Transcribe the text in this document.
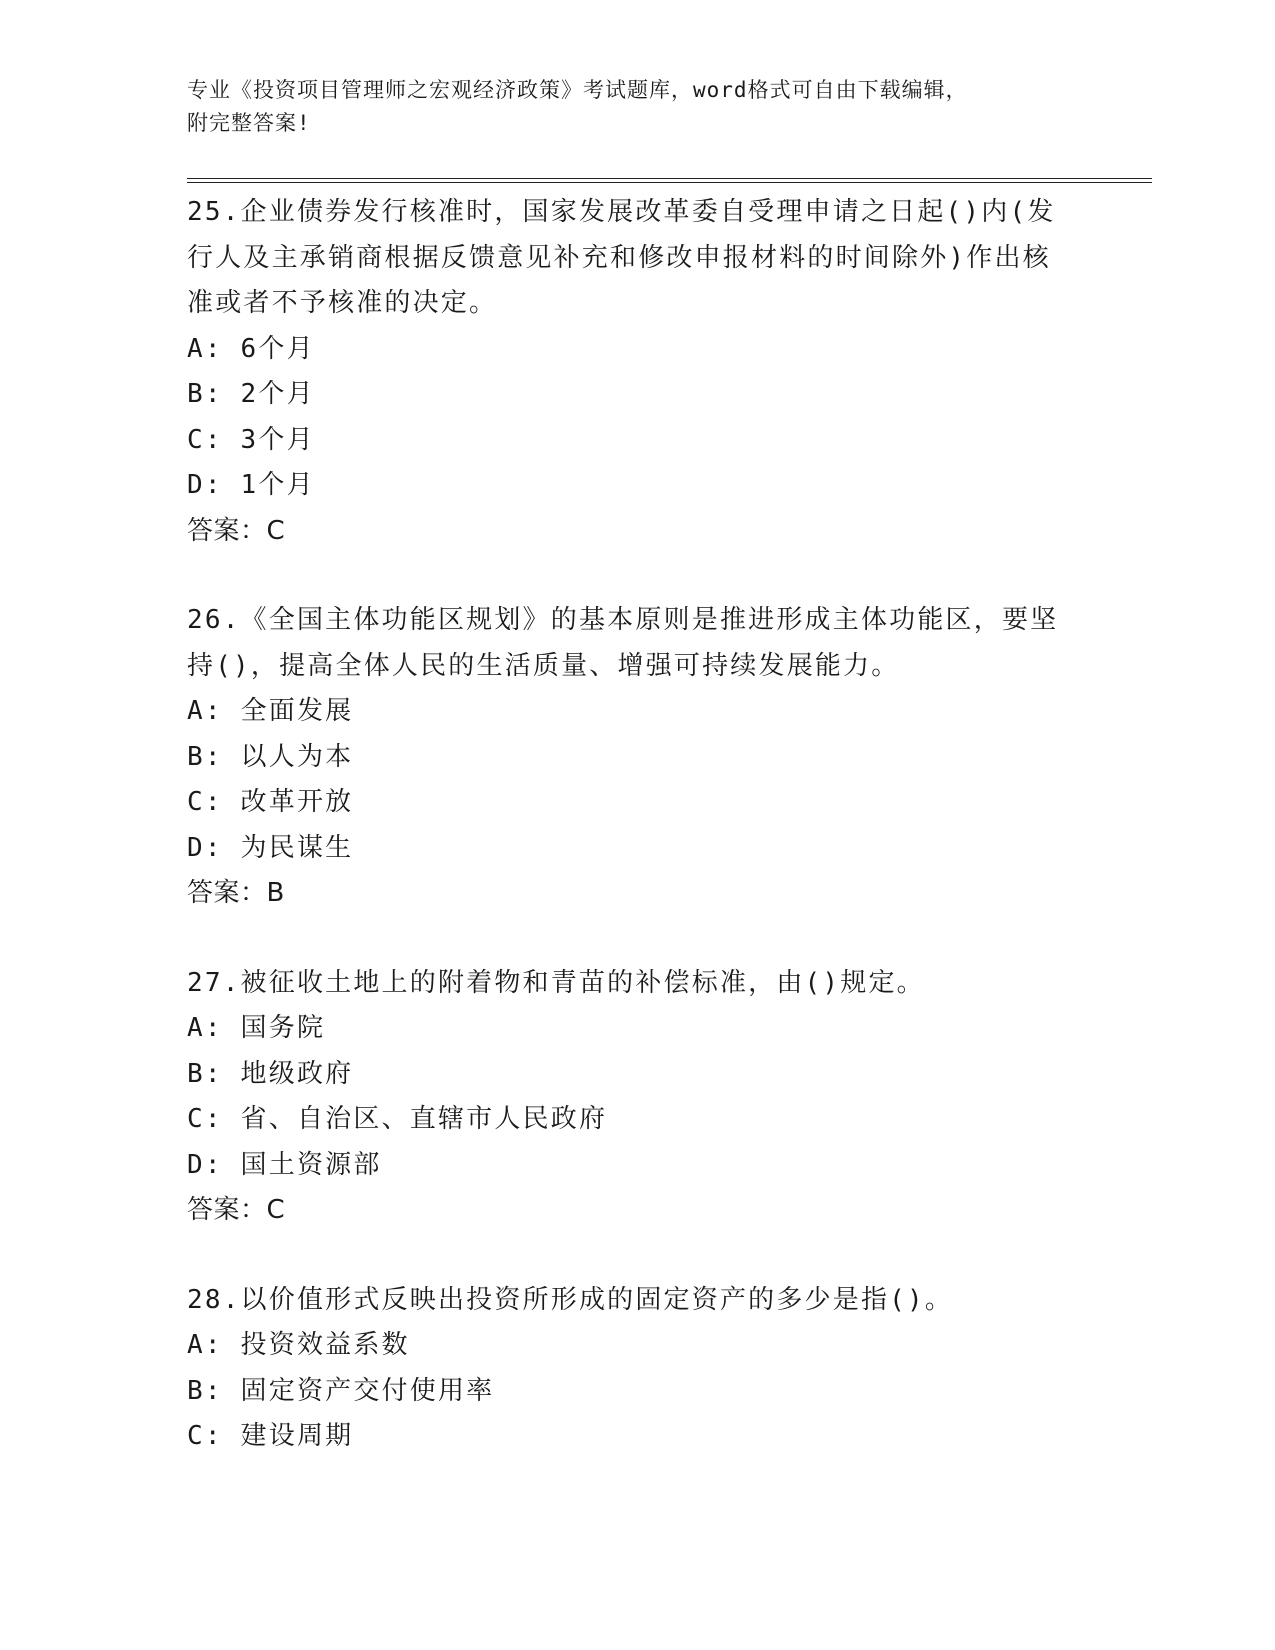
专业《投资项目管理师之宏观经济政策》考试题库，word格式可自由下载编辑，
附完整答案!
25.企业债券发行核准时，国家发展改革委自受理申请之日起()内(发行人及主承销商根据反馈意见补充和修改申报材料的时间除外)作出核准或者不予核准的决定。
A: 6个月
B: 2个月
C: 3个月
D: 1个月
答案：C
26.《全国主体功能区规划》的基本原则是推进形成主体功能区，要坚持()，提高全体人民的生活质量、增强可持续发展能力。
A: 全面发展
B: 以人为本
C: 改革开放
D: 为民谋生
答案：B
27.被征收土地上的附着物和青苗的补偿标准，由()规定。
A: 国务院
B: 地级政府
C: 省、自治区、直辖市人民政府
D: 国土资源部
答案：C
28.以价值形式反映出投资所形成的固定资产的多少是指()。
A: 投资效益系数
B: 固定资产交付使用率
C: 建设周期
